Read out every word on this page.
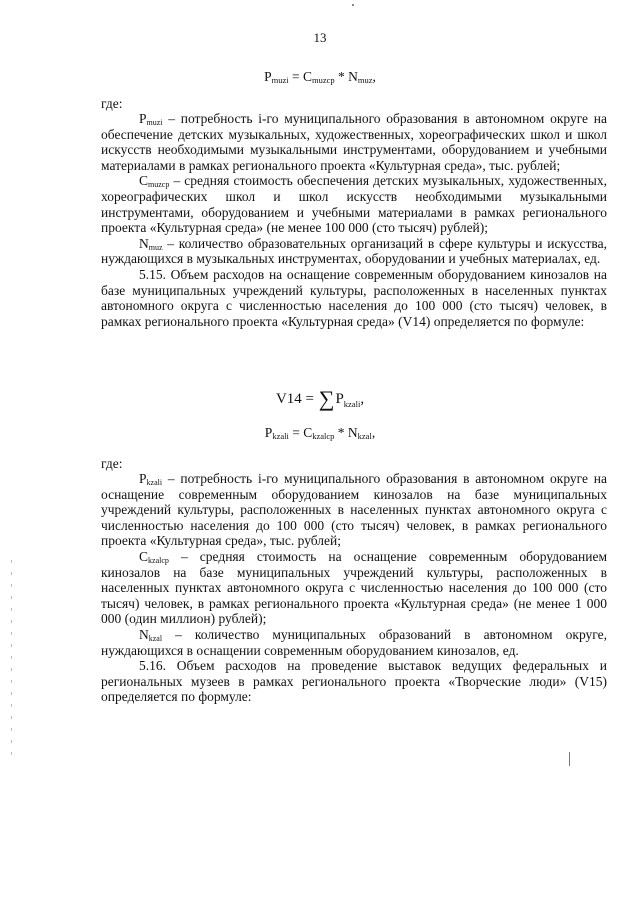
13
$P_{muzi} = C_{muzcp} * N_{muz}$,
где:

$P_{muzi}$ – потребность i-го муниципального образования в автономном округе на обеспечение детских музыкальных, художественных, хореографических школ и школ искусств необходимыми музыкальными инструментами, оборудованием и учебными материалами в рамках регионального проекта «Культурная среда», тыс. рублей;

$C_{muzcp}$ – средняя стоимость обеспечения детских музыкальных, художественных, хореографических школ и школ искусств необходимыми музыкальными инструментами, оборудованием и учебными материалами в рамках регионального проекта «Культурная среда» (не менее 100 000 (сто тысяч) рублей);

$N_{muz}$ – количество образовательных организаций в сфере культуры и искусства, нуждающихся в музыкальных инструментах, оборудовании и учебных материалах, ед.

5.15. Объем расходов на оснащение современным оборудованием кинозалов на базе муниципальных учреждений культуры, расположенных в населенных пунктах автономного округа с численностью населения до 100 000 (сто тысяч) человек, в рамках регионального проекта «Культурная среда» (V14) определяется по формуле:

$V14 = \sum P_{kzali}$,
$P_{kzali} = C_{kzalcp} * N_{kzal}$,
где:

$P_{kzali}$ – потребность i-го муниципального образования в автономном округе на оснащение современным оборудованием кинозалов на базе муниципальных учреждений культуры, расположенных в населенных пунктах автономного округа с численностью населения до 100 000 (сто тысяч) человек, в рамках регионального проекта «Культурная среда», тыс. рублей;

$C_{kzalcp}$ – средняя стоимость на оснащение современным оборудованием кинозалов на базе муниципальных учреждений культуры, расположенных в населенных пунктах автономного округа с численностью населения до 100 000 (сто тысяч) человек, в рамках регионального проекта «Культурная среда» (не менее 1 000 000 (один миллион) рублей);

$N_{kzal}$ – количество муниципальных образований в автономном округе, нуждающихся в оснащении современным оборудованием кинозалов, ед.

5.16. Объем расходов на проведение выставок ведущих федеральных и региональных музеев в рамках регионального проекта «Творческие люди» (V15) определяется по формуле:
